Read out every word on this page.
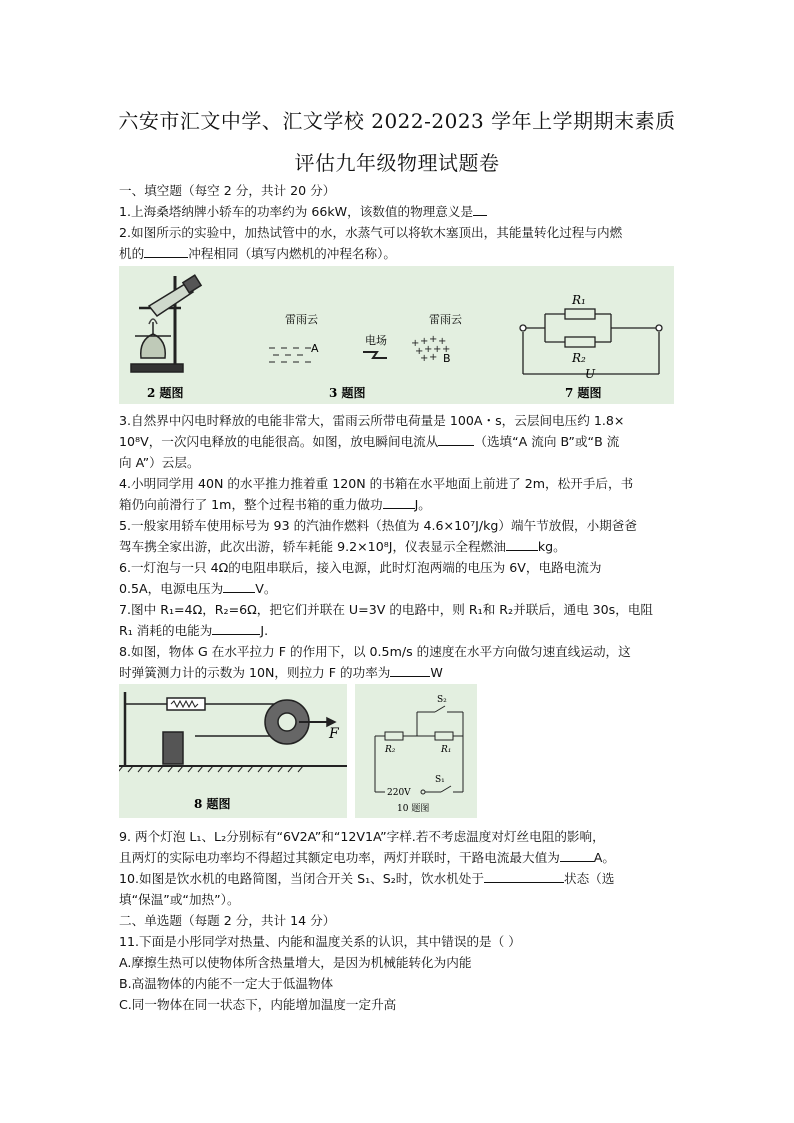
六安市汇文中学、汇文学校 2022-2023 学年上学期期末素质
评估九年级物理试题卷
一、填空题（每空 2 分，共计 20 分）
1.上海桑塔纳牌小轿车的功率约为 66kW，该数值的物理意义是
2.如图所示的实验中，加热试管中的水，水蒸气可以将软木塞顶出，其能量转化过程与内燃
机的	冲程相同（填写内燃机的冲程名称）。
2 题图
雷雨云	雷雨云
A
电场 + + + +
+ + + +
+ + B
3 题图
R₁
R₂
U
7 题图
3.自然界中闪电时释放的电能非常大，雷雨云所带电荷量是 100A・s，云层间电压约 1.8×
10⁸V，一次闪电释放的电能很高。如图，放电瞬间电流从	（选填“A 流向 B”或“B 流
向 A”）云层。
4.小明同学用 40N 的水平推力推着重 120N 的书箱在水平地面上前进了 2m，松开手后，书
箱仍向前滑行了 1m，整个过程书箱的重力做功	J。
5.一般家用轿车使用标号为 93 的汽油作燃料（热值为 4.6×10⁷J/kg）端午节放假，小期爸爸
驾车携全家出游，此次出游，轿车耗能 9.2×10⁸J，仪表显示全程燃油	kg。
6.一灯泡与一只 4Ω的电阻串联后，接入电源，此时灯泡两端的电压为 6V，电路电流为
0.5A，电源电压为	V。
7.图中 R₁=4Ω，R₂=6Ω，把它们并联在 U=3V 的电路中，则 R₁和 R₂并联后，通电 30s，电阻
R₁ 消耗的电能为	J.
8.如图，物体 G 在水平拉力 F 的作用下，以 0.5m/s 的速度在水平方向做匀速直线运动，这
时弹簧测力计的示数为 10N，则拉力 F 的功率为	W
F
8 题图
S₂
R₂	R₁
S₁
220V
10 题图
9. 两个灯泡 L₁、L₂分别标有“6V2A”和“12V1A”字样.若不考虑温度对灯丝电阻的影响，
且两灯的实际电功率均不得超过其额定电功率，两灯并联时，干路电流最大值为	A。
10.如图是饮水机的电路简图，当闭合开关 S₁、S₂时，饮水机处于	状态（选
填“保温”或“加热”）。
二、单选题（每题 2 分，共计 14 分）
11.下面是小彤同学对热量、内能和温度关系的认识，其中错误的是（ ）
A.摩擦生热可以使物体所含热量增大，是因为机械能转化为内能
B.高温物体的内能不一定大于低温物体
C.同一物体在同一状态下，内能增加温度一定升高
